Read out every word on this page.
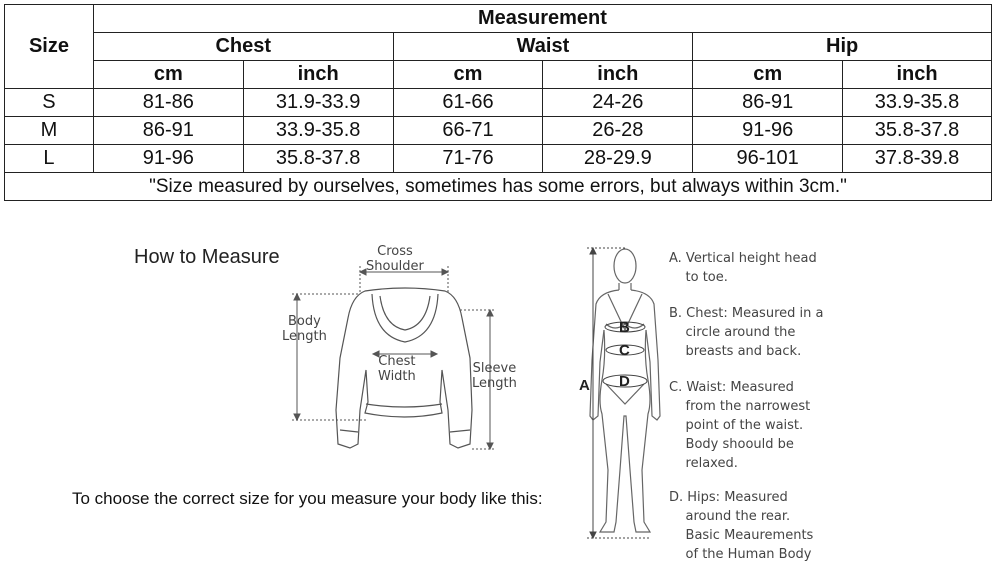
Size	Measurement					
	Chest		Waist		Hip	
	cm	inch	cm	inch	cm	inch
S	81-86	31.9-33.9	61-66	24-26	86-91	33.9-35.8
M	86-91	33.9-35.8	66-71	26-28	91-96	35.8-37.8
L	91-96	35.8-37.8	71-76	28-29.9	96-101	37.8-39.8
"Size measured by ourselves, sometimes has some errors, but always within 3cm."						
How to Measure	Cross
Shoulder
Body
Length
Chest
Width
Sleeve
Length
To choose the correct size for you measure your body like this:
A
B
C
D
A. Vertical height head
to toe.
B. Chest: Measured in a
circle around the
breasts and back.
C. Waist: Measured
from the narrowest
point of the waist.
Body shoould be
relaxed.
D. Hips: Measured
around the rear.
Basic Meaurements
of the Human Body
